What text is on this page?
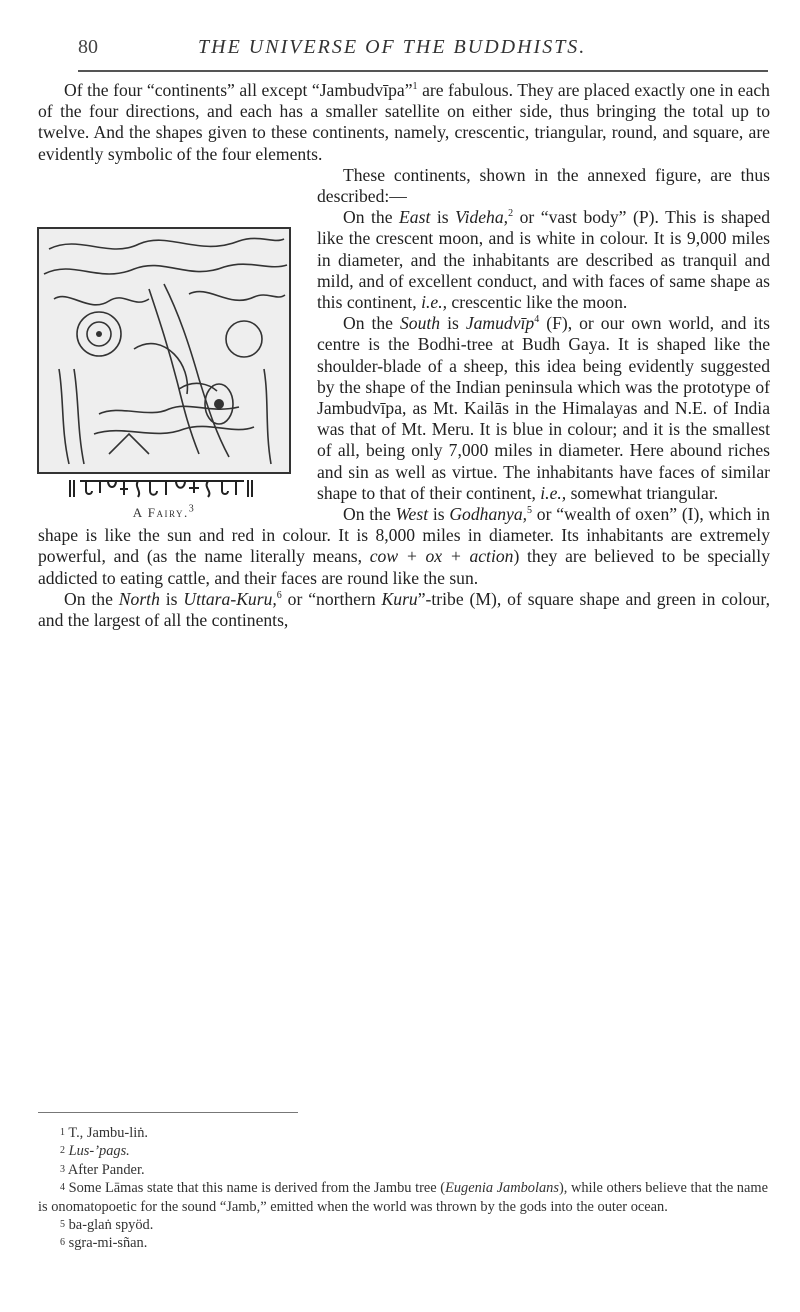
80	THE UNIVERSE OF THE BUDDHISTS.

Of the four “continents” all except “Jambudvīpa”$^1$ are fabulous. They are placed exactly one in each of the four directions, and each has a smaller satellite on either side, thus bringing the total up to twelve. And the shapes given to these continents, namely, crescentic, triangular, round, and square, are evidently symbolic of the four elements.

A Fairy.$^3$

These continents, shown in the annexed figure, are thus described:—

On the East is Videha,$^2$ or “vast body” (P). This is shaped like the crescent moon, and is white in colour. It is 9,000 miles in diameter, and the inhabitants are described as tranquil and mild, and of excellent conduct, and with faces of same shape as this continent, i.e., crescentic like the moon.

On the South is Jamudvīp$^4$ (F), or our own world, and its centre is the Bodhi-tree at Budh Gaya. It is shaped like the shoulder-blade of a sheep, this idea being evidently suggested by the shape of the Indian peninsula which was the prototype of Jambudvīpa, as Mt. Kailās in the Himalayas and N.E. of India was that of Mt. Meru. It is blue in colour; and it is the smallest of all, being only 7,000 miles in diameter. Here abound riches and sin as well as virtue. The inhabitants have faces of similar shape to that of their continent, i.e., somewhat triangular.

On the West is Godhanya,$^5$ or “wealth of oxen” (I), which in shape is like the sun and red in colour. It is 8,000 miles in diameter. Its inhabitants are extremely powerful, and (as the name literally means, cow + ox + action) they are believed to be specially addicted to eating cattle, and their faces are round like the sun.

On the North is Uttara-Kuru,$^6$ or “northern Kuru”-tribe (M), of square shape and green in colour, and the largest of all the continents,

$^1$ T., Jambu-liṅ.
$^2$ Lus-’pags.
$^3$ After Pander.
$^4$ Some Lāmas state that this name is derived from the Jambu tree (Eugenia Jambolans), while others believe that the name is onomatopoetic for the sound “Jamb,” emitted when the world was thrown by the gods into the outer ocean.
$^5$ ba-glaṅ spyöd.
$^6$ sgra-mi-sñan.
